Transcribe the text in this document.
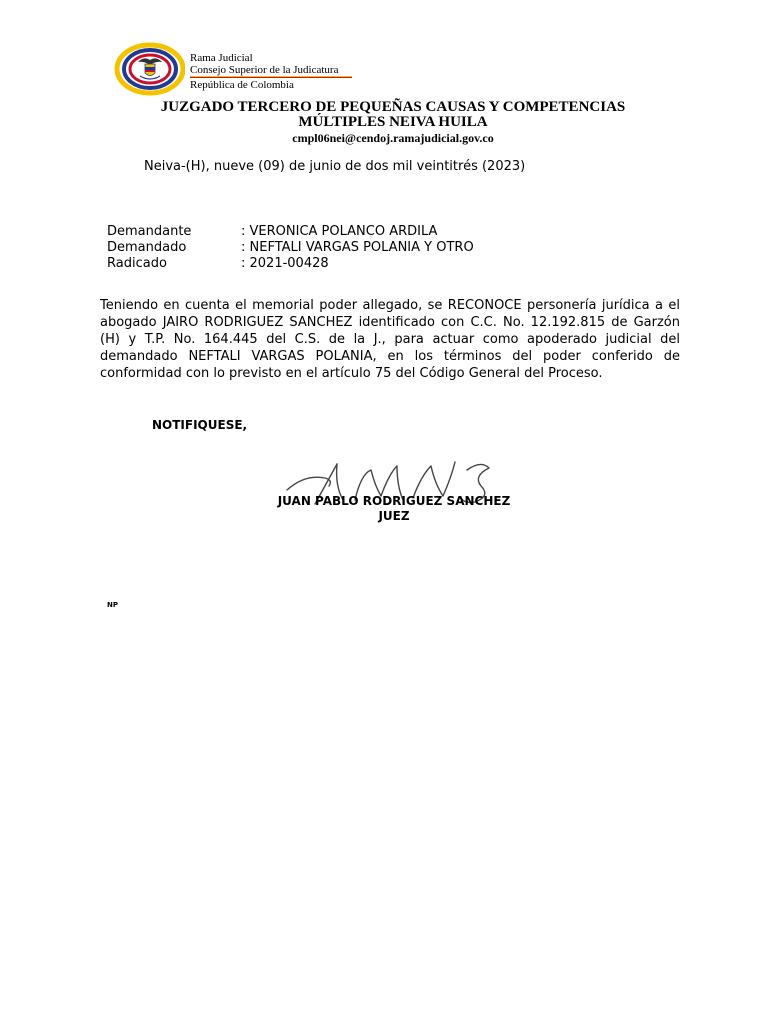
Rama Judicial
Consejo Superior de la Judicatura
República de Colombia
JUZGADO TERCERO DE PEQUEÑAS CAUSAS Y COMPETENCIAS
MÚLTIPLES NEIVA HUILA
cmpl06nei@cendoj.ramajudicial.gov.co
Neiva-(H), nueve (09) de junio de dos mil veintitrés (2023)
Demandante	: VERONICA POLANCO ARDILA
Demandado	: NEFTALI VARGAS POLANIA Y OTRO
Radicado	: 2021-00428
Teniendo en cuenta el memorial poder allegado, se RECONOCE personería jurídica a el abogado JAIRO RODRIGUEZ SANCHEZ identificado con C.C. No. 12.192.815 de Garzón (H) y T.P. No. 164.445 del C.S. de la J., para actuar como apoderado judicial del demandado NEFTALI VARGAS POLANIA, en los términos del poder conferido de conformidad con lo previsto en el artículo 75 del Código General del Proceso.
NOTIFIQUESE,
JUAN PABLO RODRIGUEZ SANCHEZ
JUEZ
NP
